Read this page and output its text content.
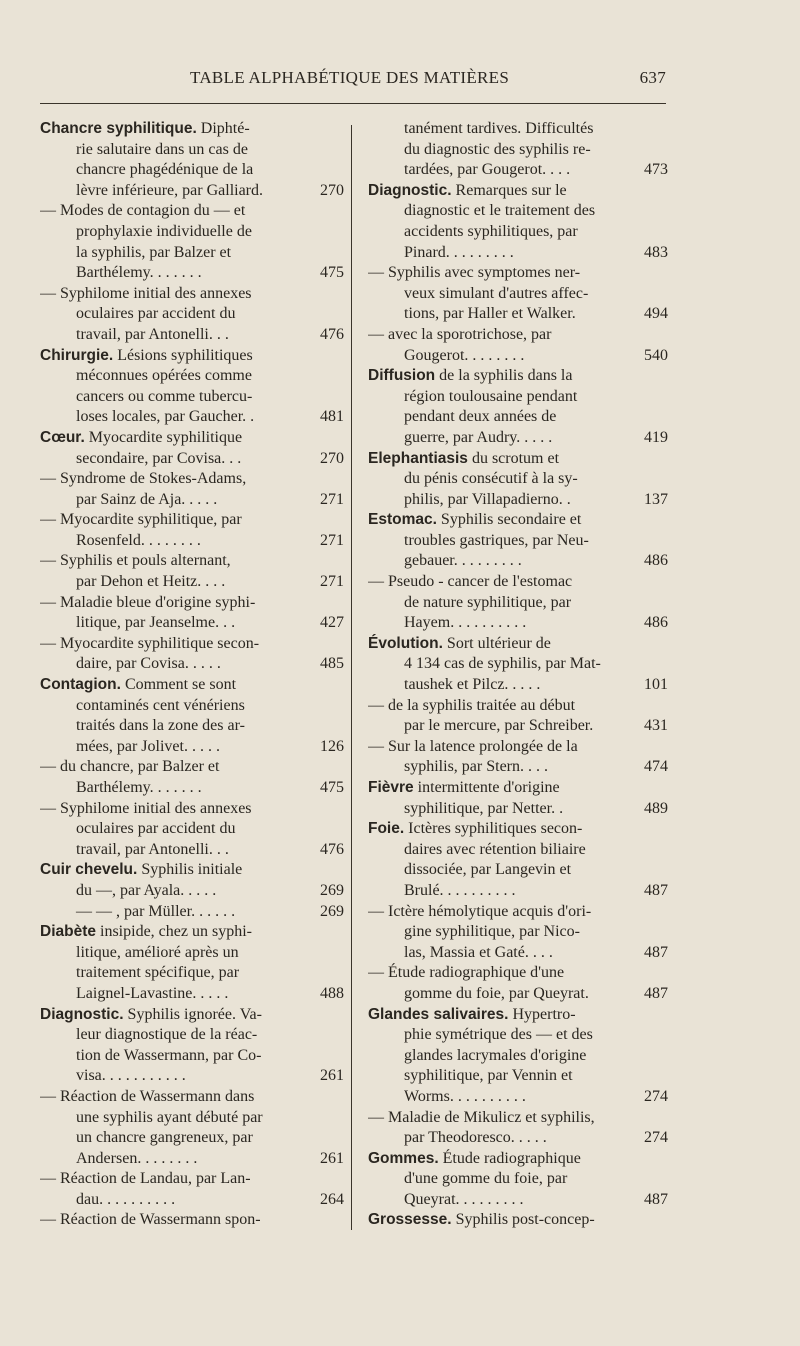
TABLE ALPHABÉTIQUE DES MATIÈRES	637
Chancre syphilitique. Diphté-
rie salutaire dans un cas de
chancre phagédénique de la
lèvre inférieure, par Galliard.	270
— Modes de contagion du — et
prophylaxie individuelle de
la syphilis, par Balzer et
Barthélemy. . . . . . .	475
— Syphilome initial des annexes
oculaires par accident du
travail, par Antonelli. . .	476
Chirurgie. Lésions syphilitiques
méconnues opérées comme
cancers ou comme tubercu-
loses locales, par Gaucher. .	481
Cœur. Myocardite syphilitique
secondaire, par Covisa. . .	270
— Syndrome de Stokes-Adams,
par Sainz de Aja. . . . .	271
— Myocardite syphilitique, par
Rosenfeld. . . . . . . .	271
— Syphilis et pouls alternant,
par Dehon et Heitz. . . .	271
— Maladie bleue d'origine syphi-
litique, par Jeanselme. . .	427
— Myocardite syphilitique secon-
daire, par Covisa. . . . .	485
Contagion. Comment se sont
contaminés cent vénériens
traités dans la zone des ar-
mées, par Jolivet. . . . .	126
— du chancre, par Balzer et
Barthélemy. . . . . . .	475
— Syphilome initial des annexes
oculaires par accident du
travail, par Antonelli. . .	476
Cuir chevelu. Syphilis initiale
du —, par Ayala. . . . .	269
— — , par Müller. . . . . .	269
Diabète insipide, chez un syphi-
litique, amélioré après un
traitement spécifique, par
Laignel-Lavastine. . . . .	488
Diagnostic. Syphilis ignorée. Va-
leur diagnostique de la réac-
tion de Wassermann, par Co-
visa. . . . . . . . . . .	261
— Réaction de Wassermann dans
une syphilis ayant débuté par
un chancre gangreneux, par
Andersen. . . . . . . .	261
— Réaction de Landau, par Lan-
dau. . . . . . . . . .	264
— Réaction de Wassermann spon-
tanément tardives. Difficultés
du diagnostic des syphilis re-
tardées, par Gougerot. . . .	473
Diagnostic. Remarques sur le
diagnostic et le traitement des
accidents syphilitiques, par
Pinard. . . . . . . . .	483
— Syphilis avec symptomes ner-
veux simulant d'autres affec-
tions, par Haller et Walker.	494
— avec la sporotrichose, par
Gougerot. . . . . . . .	540
Diffusion de la syphilis dans la
région toulousaine pendant
pendant deux années de
guerre, par Audry. . . . .	419
Elephantiasis du scrotum et
du pénis consécutif à la sy-
philis, par Villapadierno. .	137
Estomac. Syphilis secondaire et
troubles gastriques, par Neu-
gebauer. . . . . . . . .	486
— Pseudo - cancer de l'estomac
de nature syphilitique, par
Hayem. . . . . . . . . .	486
Évolution. Sort ultérieur de
4 134 cas de syphilis, par Mat-
taushek et Pilcz. . . . .	101
— de la syphilis traitée au début
par le mercure, par Schreiber.	431
— Sur la latence prolongée de la
syphilis, par Stern. . . .	474
Fièvre intermittente d'origine
syphilitique, par Netter. .	489
Foie. Ictères syphilitiques secon-
daires avec rétention biliaire
dissociée, par Langevin et
Brulé. . . . . . . . . .	487
— Ictère hémolytique acquis d'ori-
gine syphilitique, par Nico-
las, Massia et Gaté. . . .	487
— Étude radiographique d'une
gomme du foie, par Queyrat.	487
Glandes salivaires. Hypertro-
phie symétrique des — et des
glandes lacrymales d'origine
syphilitique, par Vennin et
Worms. . . . . . . . . .	274
— Maladie de Mikulicz et syphilis,
par Theodoresco. . . . .	274
Gommes. Étude radiographique
d'une gomme du foie, par
Queyrat. . . . . . . . .	487
Grossesse. Syphilis post-concep-
